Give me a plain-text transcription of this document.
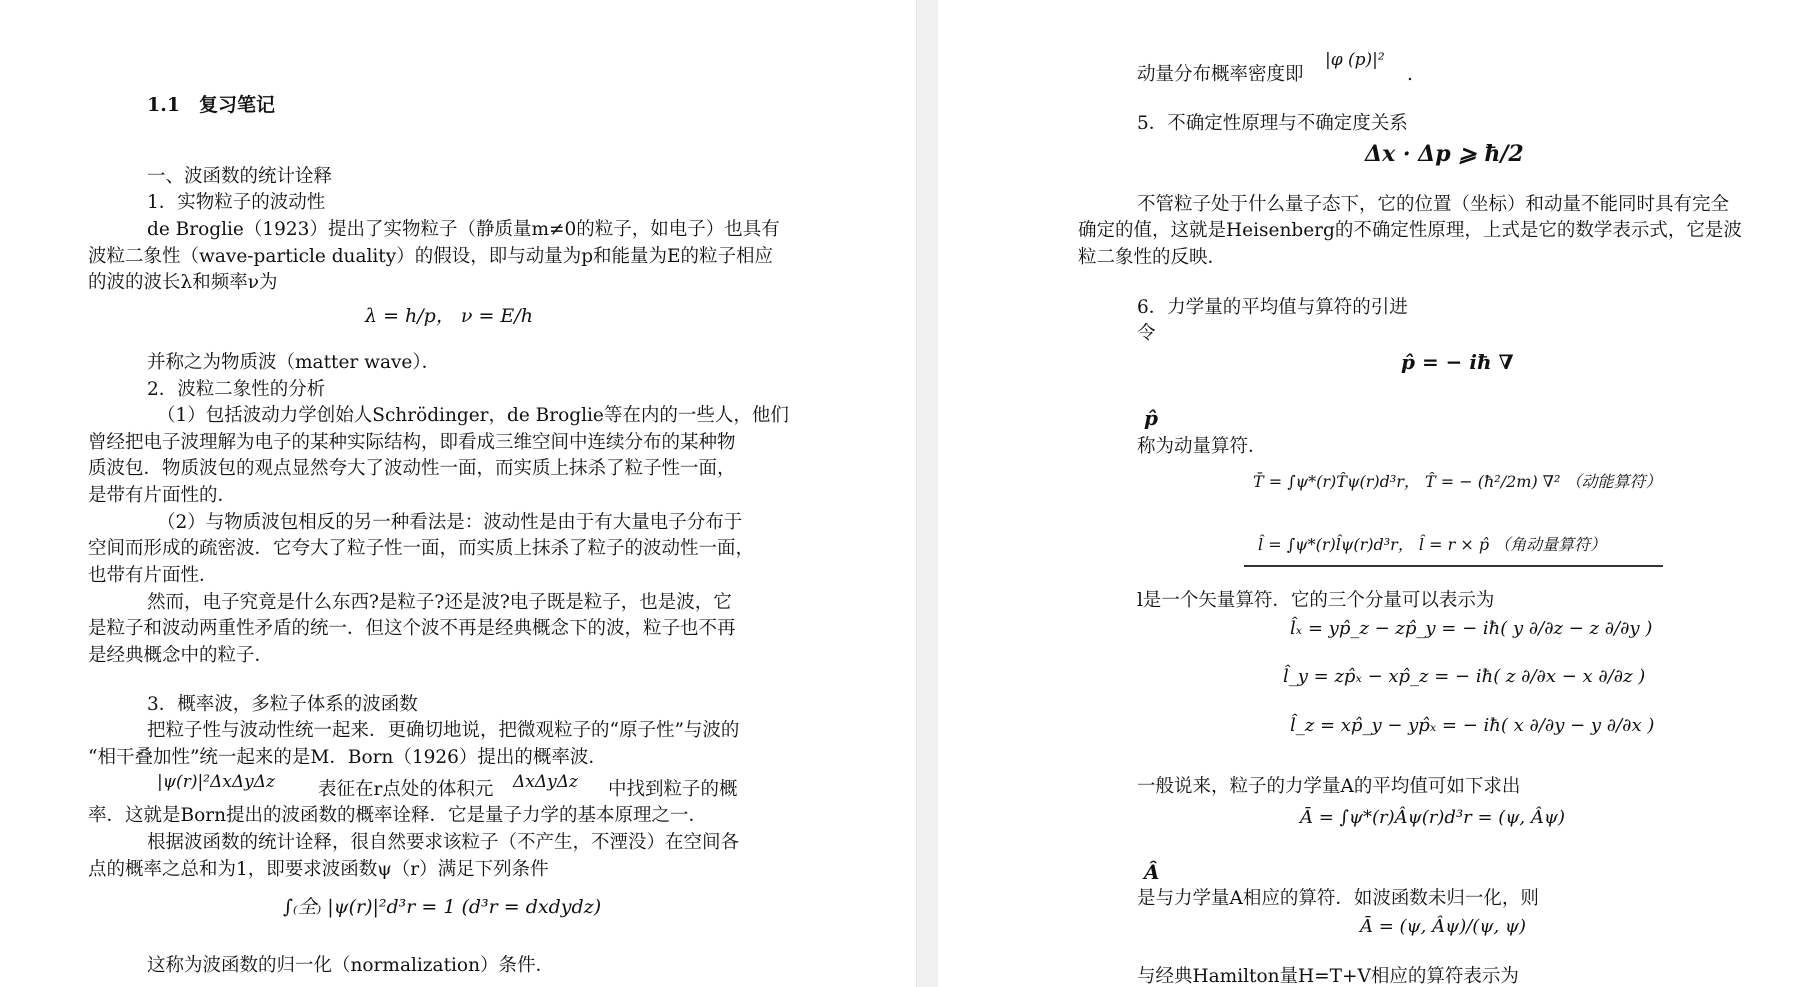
1.1　复习笔记
一、波函数的统计诠释
1．实物粒子的波动性
de Broglie（1923）提出了实物粒子（静质量m≠0的粒子，如电子）也具有
波粒二象性（wave-particle duality）的假设，即与动量为p和能量为E的粒子相应
的波的波长λ和频率ν为
λ = h/p， ν = E/h
并称之为物质波（matter wave）．
2．波粒二象性的分析
（1）包括波动力学创始人Schrödinger，de Broglie等在内的一些人，他们
曾经把电子波理解为电子的某种实际结构，即看成三维空间中连续分布的某种物
质波包．物质波包的观点显然夸大了波动性一面，而实质上抹杀了粒子性一面，
是带有片面性的．
（2）与物质波包相反的另一种看法是：波动性是由于有大量电子分布于
空间而形成的疏密波．它夸大了粒子性一面，而实质上抹杀了粒子的波动性一面，
也带有片面性．
然而，电子究竟是什么东西?是粒子?还是波?电子既是粒子，也是波，它
是粒子和波动两重性矛盾的统一．但这个波不再是经典概念下的波，粒子也不再
是经典概念中的粒子．
3．概率波，多粒子体系的波函数
把粒子性与波动性统一起来．更确切地说，把微观粒子的“原子性”与波的
“相干叠加性”统一起来的是M．Born（1926）提出的概率波．
|ψ(r)|²ΔxΔyΔz 表征在r点处的体积元 ΔxΔyΔz 中找到粒子的概
率．这就是Born提出的波函数的概率诠释．它是量子力学的基本原理之一．
根据波函数的统计诠释，很自然要求该粒子（不产生，不湮没）在空间各
点的概率之总和为1，即要求波函数ψ（r）满足下列条件
∫₍全₎ |ψ(r)|²d³r = 1 (d³r = dxdydz)
这称为波函数的归一化（normalization）条件．
动量分布概率密度即
|φ (p)|²
.
5．不确定性原理与不确定度关系
Δx · Δp ⩾ ħ/2
不管粒子处于什么量子态下，它的位置（坐标）和动量不能同时具有完全
确定的值，这就是Heisenberg的不确定性原理，上式是它的数学表示式，它是波
粒二象性的反映．
6．力学量的平均值与算符的引进
令
p̂ = − iħ ∇
p̂
称为动量算符．
T̄ = ∫ψ*(r)T̂ψ(r)d³r， T̂ = − (ħ²/2m) ∇² （动能算符）
l̂ = ∫ψ*(r)l̂ψ(r)d³r， l̂ = r × p̂ （角动量算符）
l是一个矢量算符．它的三个分量可以表示为
l̂ₓ = yp̂_z − zp̂_y = − iħ( y ∂/∂z − z ∂/∂y )
l̂_y = zp̂ₓ − xp̂_z = − iħ( z ∂/∂x − x ∂/∂z )
l̂_z = xp̂_y − yp̂ₓ = − iħ( x ∂/∂y − y ∂/∂x )
一般说来，粒子的力学量A的平均值可如下求出
Ā = ∫ψ*(r)Âψ(r)d³r = (ψ, Âψ)
Â
是与力学量A相应的算符．如波函数未归一化，则
Ā = (ψ, Âψ)/(ψ, ψ)
与经典Hamilton量H=T+V相应的算符表示为
